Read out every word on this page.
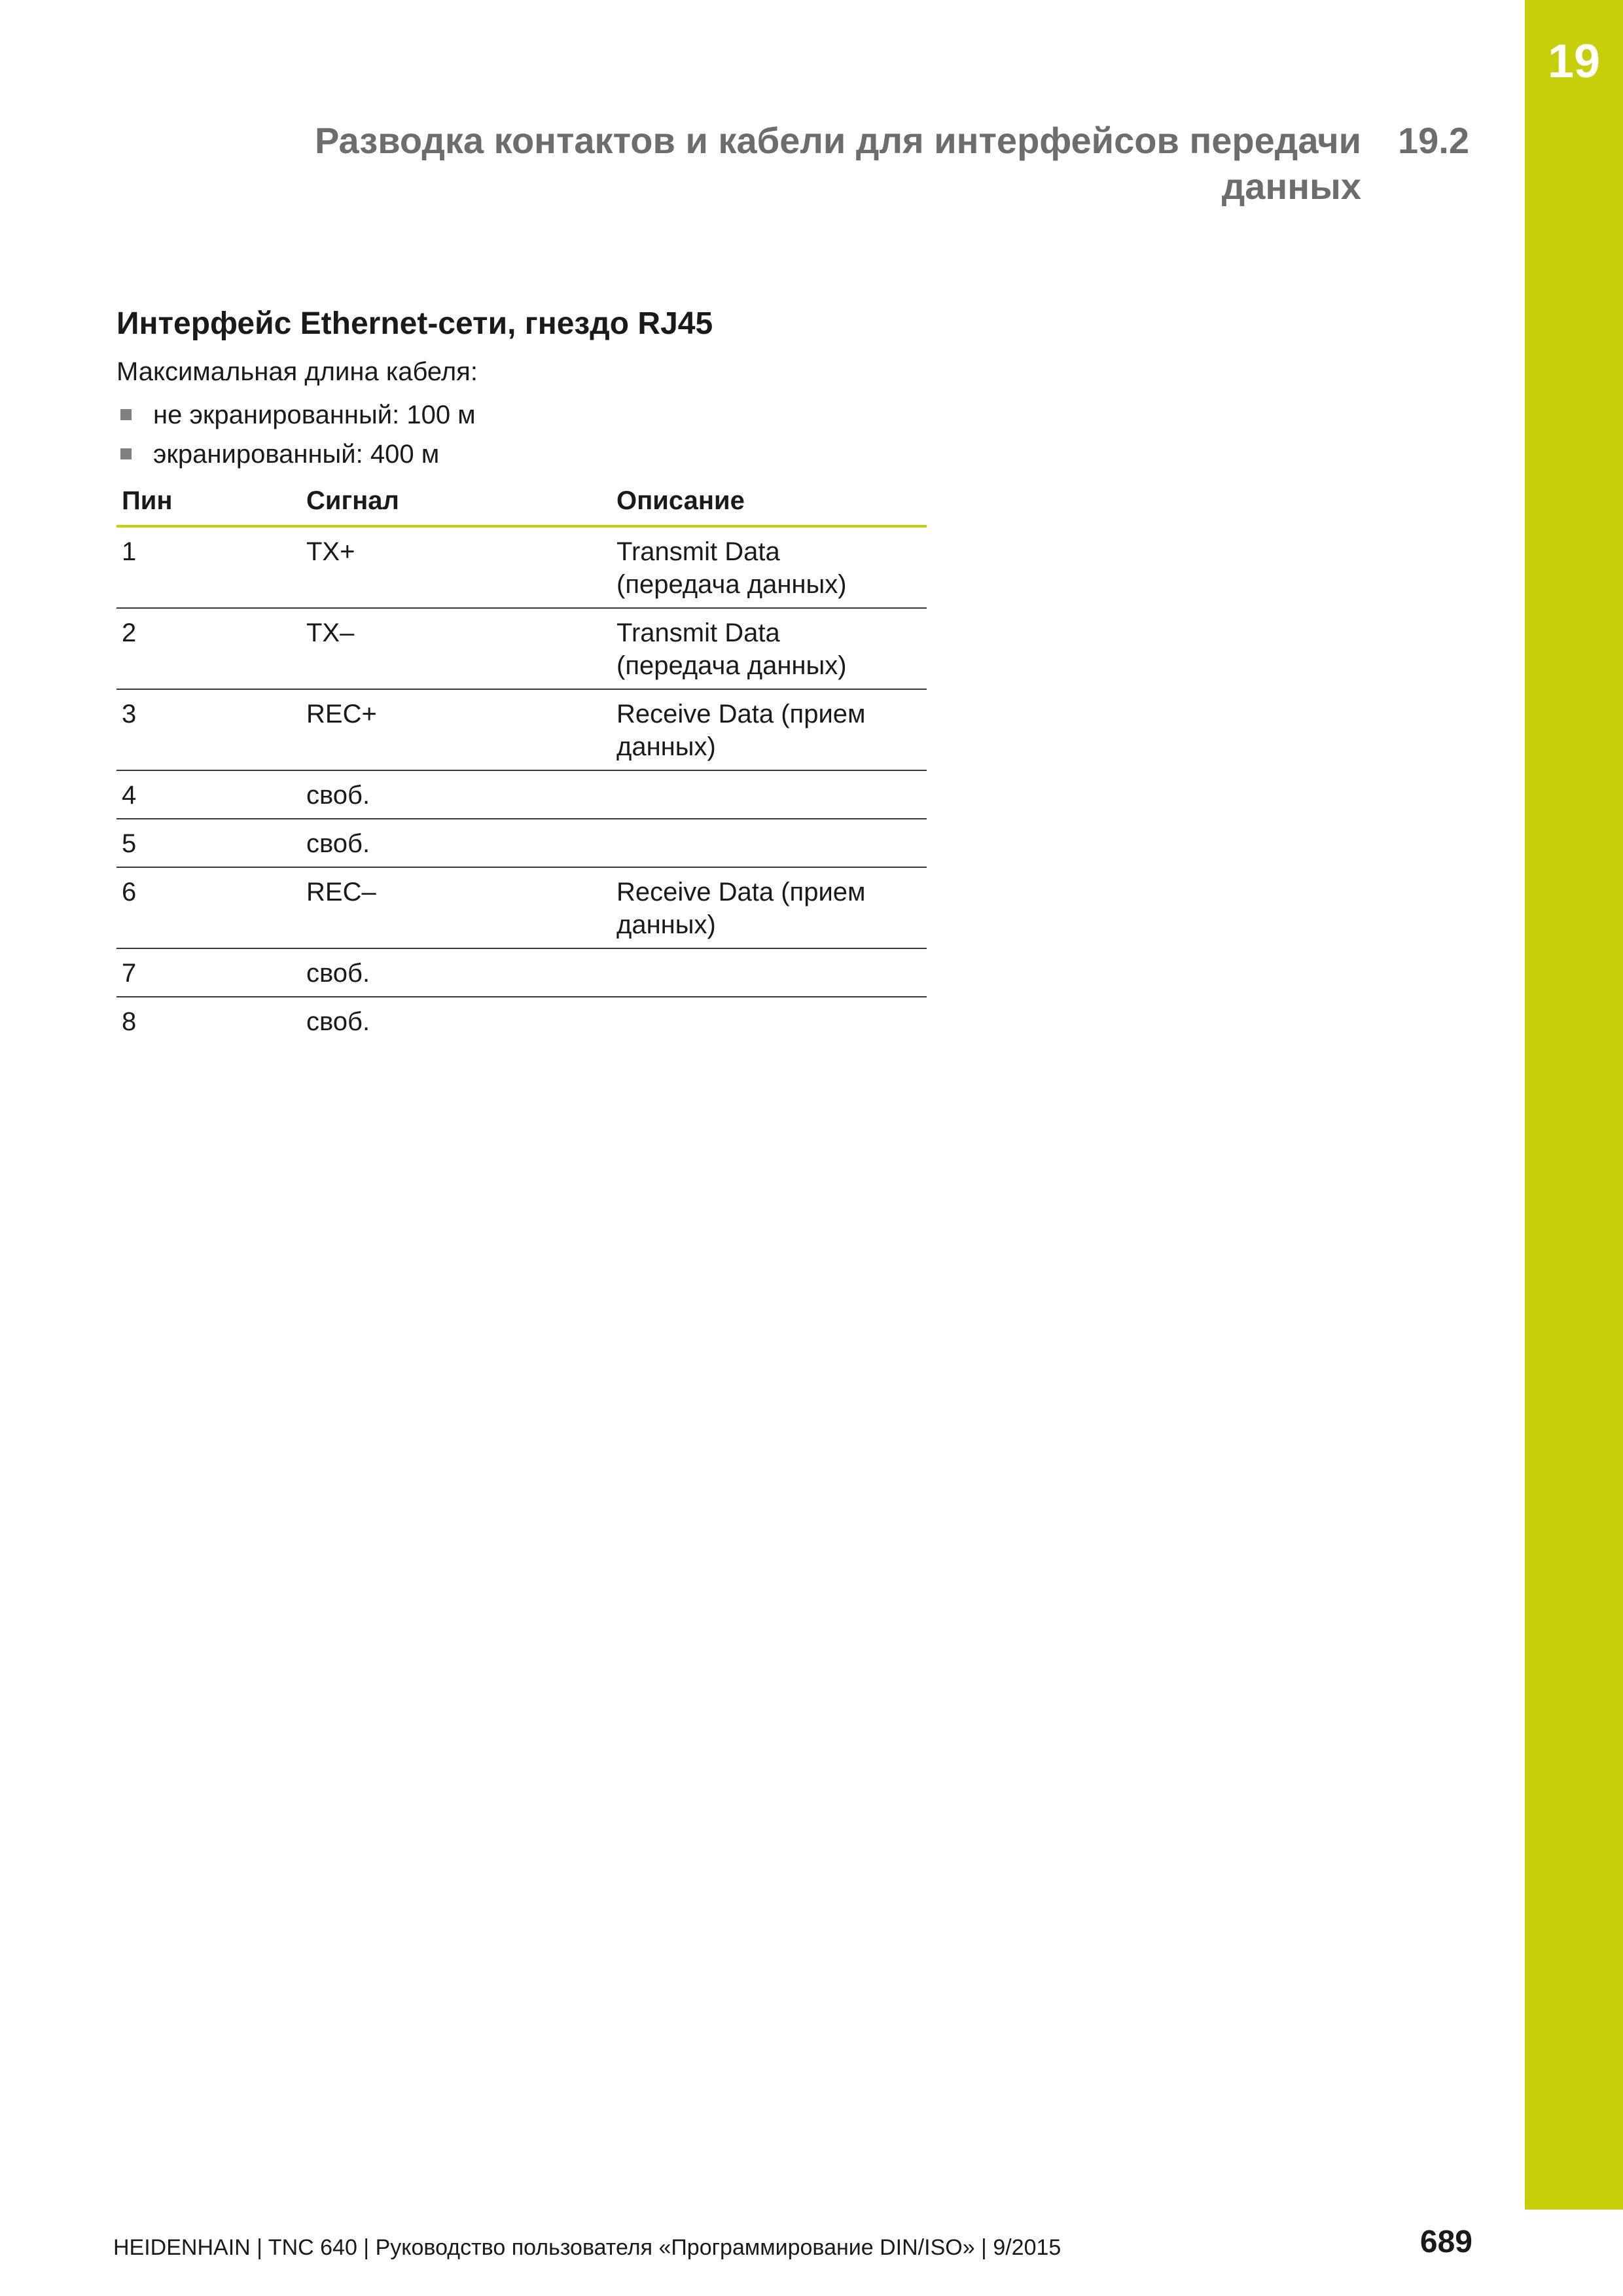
19
Разводка контактов и кабели для интерфейсов передачи
данных
19.2
Интерфейс Ethernet-сети, гнездо RJ45
Максимальная длина кабеля:
не экранированный: 100 м
экранированный: 400 м
Пин	Сигнал	Описание
1	TX+	Transmit Data
(передача данных)

2	TX–	Transmit Data
(передача данных)

3	REC+	Receive Data (прием
данных)

4	своб.	
5	своб.	
6	REC–	Receive Data (прием
данных)

7	своб.	
8	своб.	
HEIDENHAIN | TNC 640 | Руководство пользователя «Программирование DIN/ISO» | 9/2015	689
